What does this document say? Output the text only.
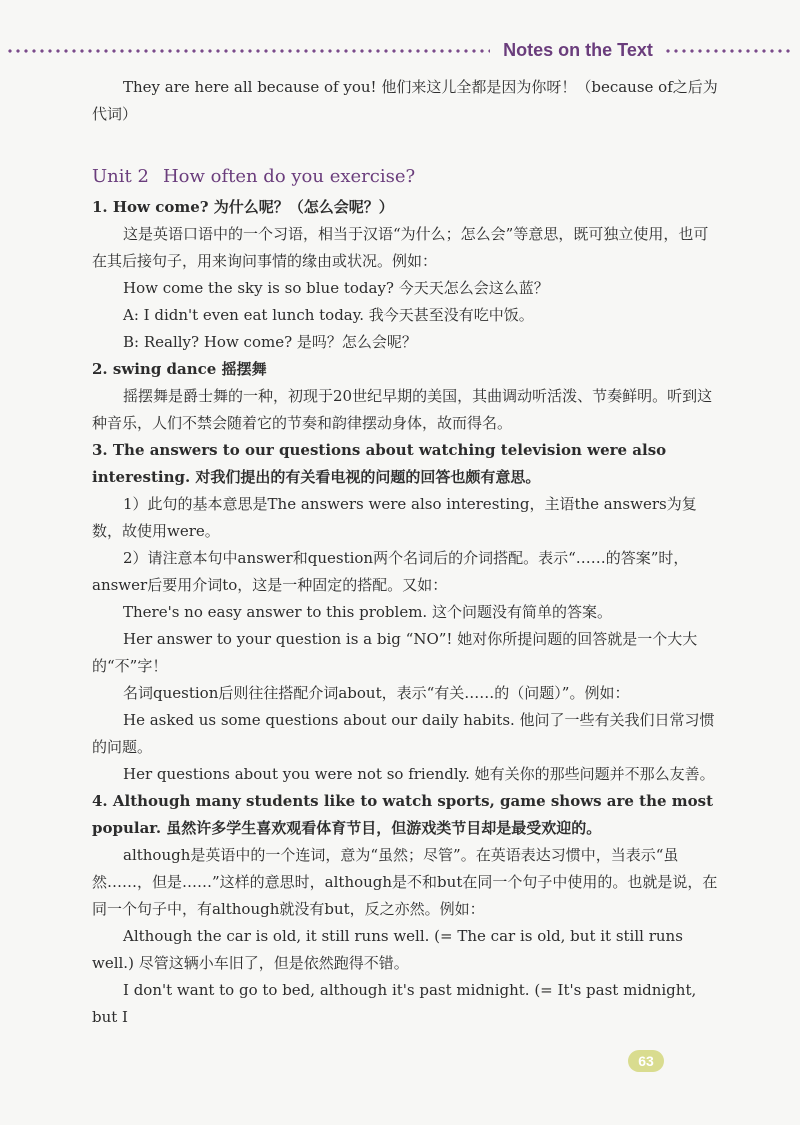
Notes on the Text

They are here all because of you! 他们来这儿全都是因为你呀！（because of之后为代词）

Unit 2 How often do you exercise?

1. How come? 为什么呢？（怎么会呢？）

这是英语口语中的一个习语，相当于汉语“为什么；怎么会”等意思，既可独立使用，也可在其后接句子，用来询问事情的缘由或状况。例如：

How come the sky is so blue today? 今天天怎么会这么蓝？

A: I didn't even eat lunch today. 我今天甚至没有吃中饭。

B: Really? How come? 是吗？怎么会呢？

2. swing dance 摇摆舞

摇摆舞是爵士舞的一种，初现于20世纪早期的美国，其曲调动听活泼、节奏鲜明。听到这种音乐，人们不禁会随着它的节奏和韵律摆动身体，故而得名。

3. The answers to our questions about watching television were also interesting. 对我们提出的有关看电视的问题的回答也颇有意思。

1）此句的基本意思是The answers were also interesting，主语the answers为复数，故使用were。

2）请注意本句中answer和question两个名词后的介词搭配。表示“……的答案”时，answer后要用介词to，这是一种固定的搭配。又如：

There's no easy answer to this problem. 这个问题没有简单的答案。

Her answer to your question is a big “NO”! 她对你所提问题的回答就是一个大大的“不”字！

名词question后则往往搭配介词about，表示“有关……的（问题）”。例如：

He asked us some questions about our daily habits. 他问了一些有关我们日常习惯的问题。

Her questions about you were not so friendly. 她有关你的那些问题并不那么友善。

4. Although many students like to watch sports, game shows are the most popular. 虽然许多学生喜欢观看体育节目，但游戏类节目却是最受欢迎的。

although是英语中的一个连词，意为“虽然；尽管”。在英语表达习惯中，当表示“虽然……，但是……”这样的意思时，although是不和but在同一个句子中使用的。也就是说，在同一个句子中，有although就没有but，反之亦然。例如：

Although the car is old, it still runs well. (= The car is old, but it still runs well.) 尽管这辆小车旧了，但是依然跑得不错。

I don't want to go to bed, although it's past midnight. (= It's past midnight, but I

63
